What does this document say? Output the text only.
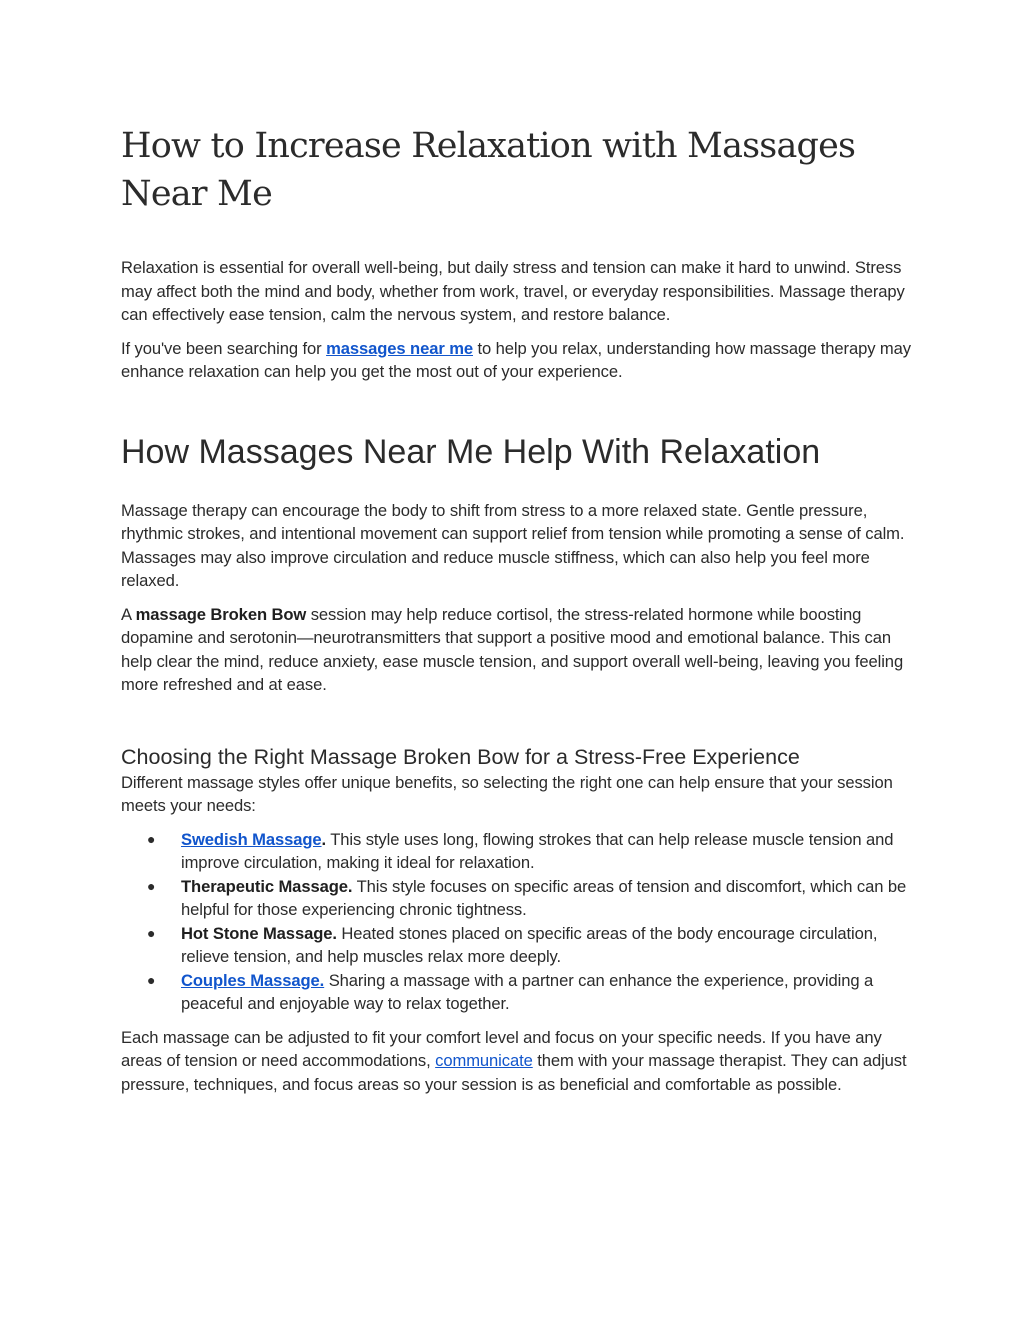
How to Increase Relaxation with Massages Near Me

Relaxation is essential for overall well-being, but daily stress and tension can make it hard to unwind. Stress may affect both the mind and body, whether from work, travel, or everyday responsibilities. Massage therapy can effectively ease tension, calm the nervous system, and restore balance.

If you've been searching for massages near me to help you relax, understanding how massage therapy may enhance relaxation can help you get the most out of your experience.

How Massages Near Me Help With Relaxation

Massage therapy can encourage the body to shift from stress to a more relaxed state. Gentle pressure, rhythmic strokes, and intentional movement can support relief from tension while promoting a sense of calm. Massages may also improve circulation and reduce muscle stiffness, which can also help you feel more relaxed.

A massage Broken Bow session may help reduce cortisol, the stress-related hormone while boosting dopamine and serotonin—neurotransmitters that support a positive mood and emotional balance. This can help clear the mind, reduce anxiety, ease muscle tension, and support overall well-being, leaving you feeling more refreshed and at ease.

Choosing the Right Massage Broken Bow for a Stress-Free Experience

Different massage styles offer unique benefits, so selecting the right one can help ensure that your session meets your needs:

● Swedish Massage. This style uses long, flowing strokes that can help release muscle tension and improve circulation, making it ideal for relaxation.
● Therapeutic Massage. This style focuses on specific areas of tension and discomfort, which can be helpful for those experiencing chronic tightness.
● Hot Stone Massage. Heated stones placed on specific areas of the body encourage circulation, relieve tension, and help muscles relax more deeply.
● Couples Massage. Sharing a massage with a partner can enhance the experience, providing a peaceful and enjoyable way to relax together.

Each massage can be adjusted to fit your comfort level and focus on your specific needs. If you have any areas of tension or need accommodations, communicate them with your massage therapist. They can adjust pressure, techniques, and focus areas so your session is as beneficial and comfortable as possible.
